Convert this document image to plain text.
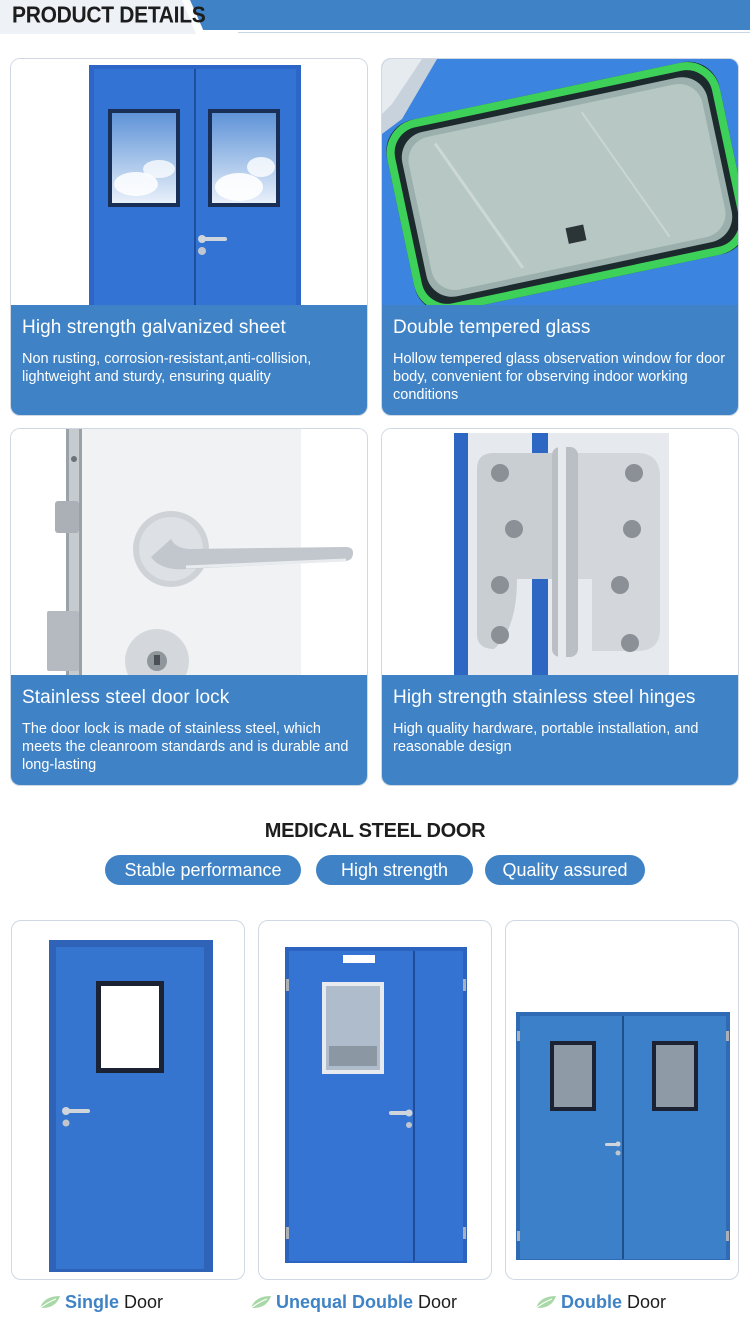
PRODUCT DETAILS
High strength galvanized sheet

Non rusting, corrosion-resistant,anti-collision, lightweight and sturdy, ensuring quality

Double tempered glass

Hollow tempered glass observation window for door body, convenient for observing indoor working conditions

Stainless steel door lock

The door lock is made of stainless steel, which meets the cleanroom standards and is durable and long-lasting

High strength stainless steel hinges

High quality hardware, portable installation, and reasonable design

MEDICAL STEEL DOOR
Stable performance	High strength	Quality assured
Single Door	Unequal Double Door	Double Door
